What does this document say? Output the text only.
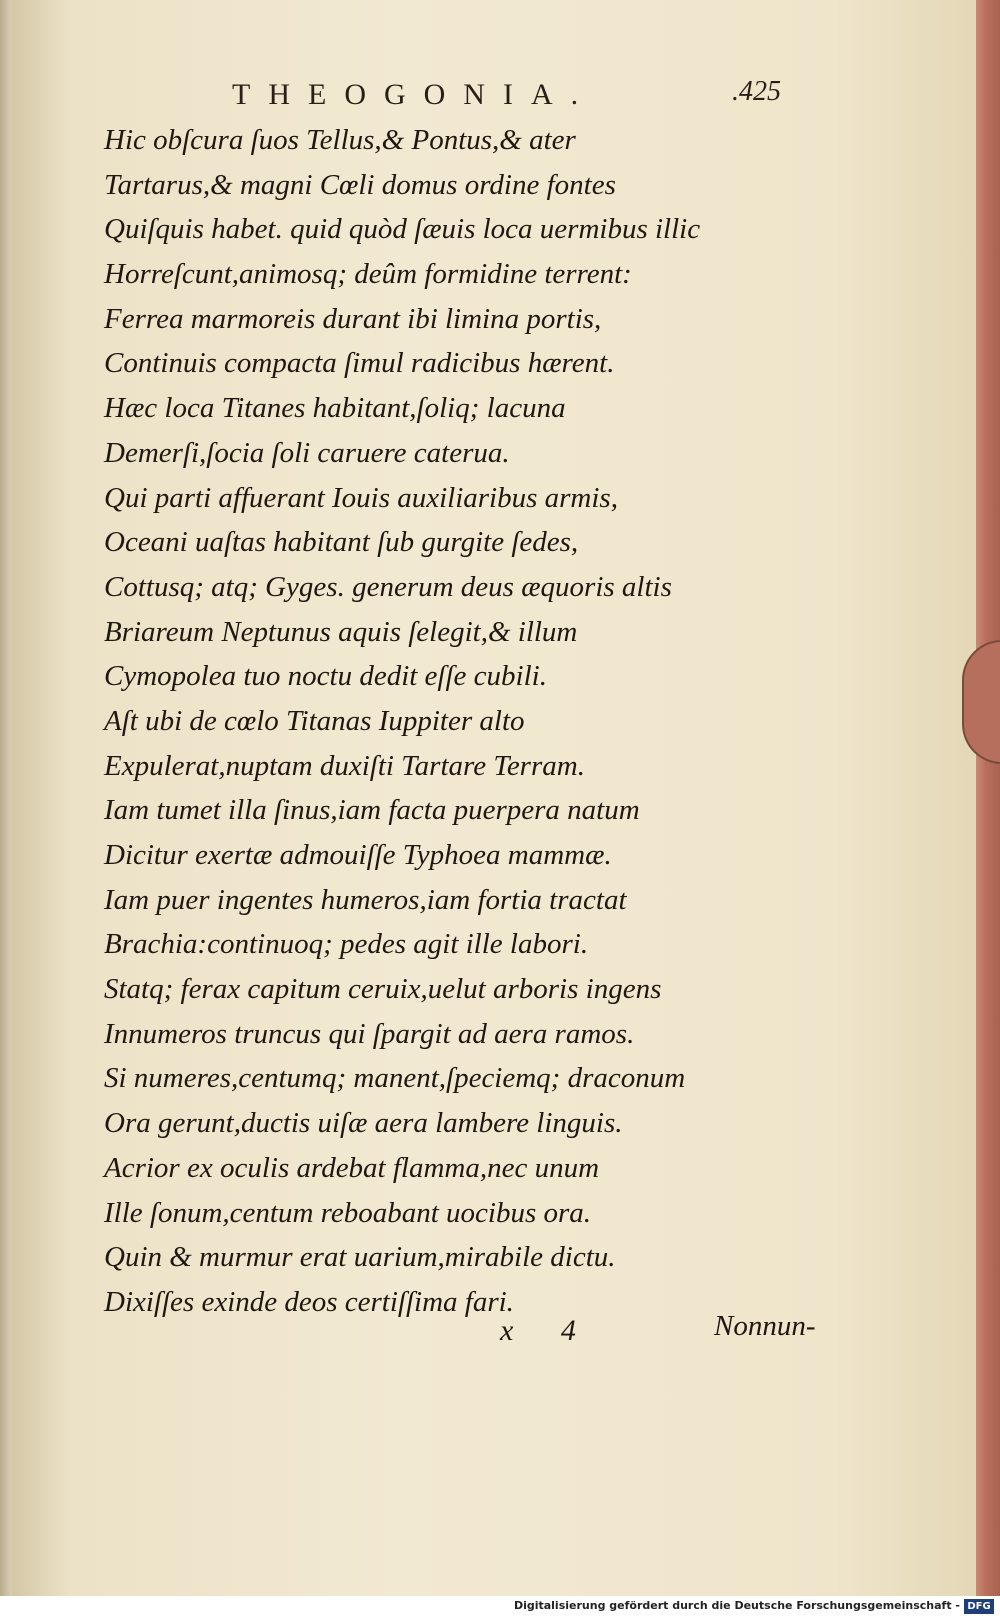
THEOGONIA.	.425
Hic obſcura ſuos Tellus,& Pontus,& ater
Tartarus,& magni Cœli domus ordine fontes
Quiſquis habet. quid quòd ſæuis loca uermibus illic
Horreſcunt,animosq; deûm formidine terrent:
Ferrea marmoreis durant ibi limina portis,
Continuis compacta ſimul radicibus hærent.
Hæc loca Titanes habitant,ſoliq; lacuna
Demerſi,ſocia ſoli caruere caterua.
Qui parti affuerant Iouis auxiliaribus armis,
Oceani uaſtas habitant ſub gurgite ſedes,
Cottusq; atq; Gyges. generum deus æquoris altis
Briareum Neptunus aquis ſelegit,& illum
Cymopolea tuo noctu dedit eſſe cubili.
Aſt ubi de cœlo Titanas Iuppiter alto
Expulerat,nuptam duxiſti Tartare Terram.
Iam tumet illa ſinus,iam facta puerpera natum
Dicitur exertæ admouiſſe Typhoea mammæ.
Iam puer ingentes humeros,iam fortia tractat
Brachia:continuoq; pedes agit ille labori.
Statq; ferax capitum ceruix,uelut arboris ingens
Innumeros truncus qui ſpargit ad aera ramos.
Si numeres,centumq; manent,ſpeciemq; draconum
Ora gerunt,ductis uiſæ aera lambere linguis.
Acrior ex oculis ardebat flamma,nec unum
Ille ſonum,centum reboabant uocibus ora.
Quin & murmur erat uarium,mirabile dictu.
Dixiſſes exinde deos certiſſima fari.
x 4	Nonnun-
Digitalisierung gefördert durch die Deutsche Forschungsgemeinschaft - DFG
